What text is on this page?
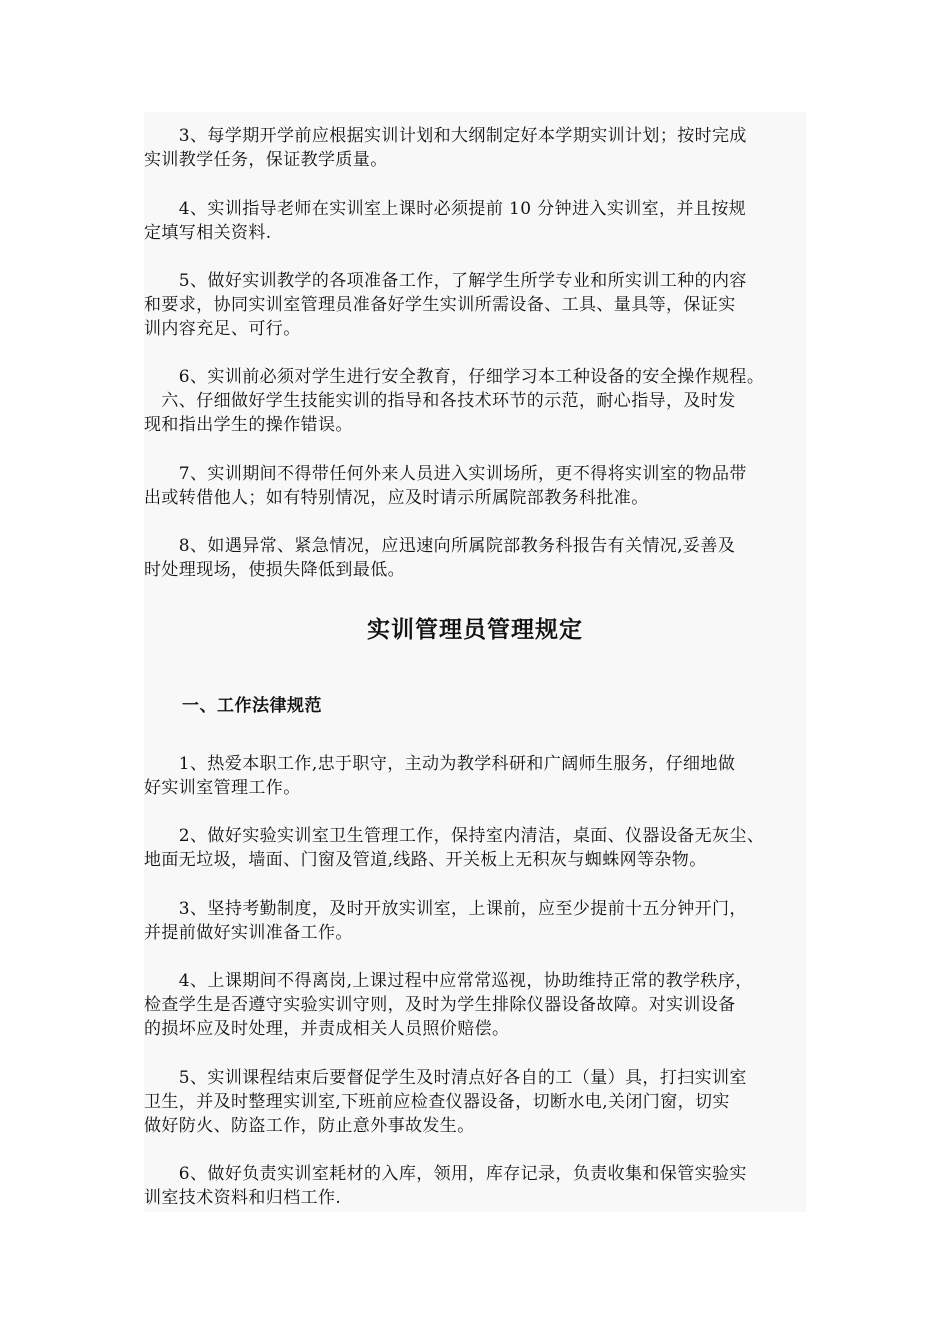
　　3、每学期开学前应根据实训计划和大纲制定好本学期实训计划；按时完成
实训教学任务，保证教学质量。

　　4、实训指导老师在实训室上课时必须提前 10 分钟进入实训室，并且按规
定填写相关资料.

　　5、做好实训教学的各项准备工作，了解学生所学专业和所实训工种的内容
和要求，协同实训室管理员准备好学生实训所需设备、工具、量具等，保证实
训内容充足、可行。

　　6、实训前必须对学生进行安全教育，仔细学习本工种设备的安全操作规程。
　六、仔细做好学生技能实训的指导和各技术环节的示范，耐心指导，及时发
现和指出学生的操作错误。

　　7、实训期间不得带任何外来人员进入实训场所，更不得将实训室的物品带
出或转借他人；如有特别情况，应及时请示所属院部教务科批准。

　　8、如遇异常、紧急情况，应迅速向所属院部教务科报告有关情况,妥善及
时处理现场，使损失降低到最低。

实训管理员管理规定
一、工作法律规范

　　1、热爱本职工作,忠于职守，主动为教学科研和广阔师生服务，仔细地做
好实训室管理工作。

　　2、做好实验实训室卫生管理工作，保持室内清洁，桌面、仪器设备无灰尘、
地面无垃圾，墙面、门窗及管道,线路、开关板上无积灰与蜘蛛网等杂物。

　　3、坚持考勤制度，及时开放实训室，上课前，应至少提前十五分钟开门，
并提前做好实训准备工作。

　　4、上课期间不得离岗,上课过程中应常常巡视，协助维持正常的教学秩序，
检查学生是否遵守实验实训守则，及时为学生排除仪器设备故障。对实训设备
的损坏应及时处理，并责成相关人员照价赔偿。

　　5、实训课程结束后要督促学生及时清点好各自的工（量）具，打扫实训室
卫生，并及时整理实训室,下班前应检查仪器设备，切断水电,关闭门窗，切实
做好防火、防盗工作，防止意外事故发生。

　　6、做好负责实训室耗材的入库，领用，库存记录，负责收集和保管实验实
训室技术资料和归档工作.
